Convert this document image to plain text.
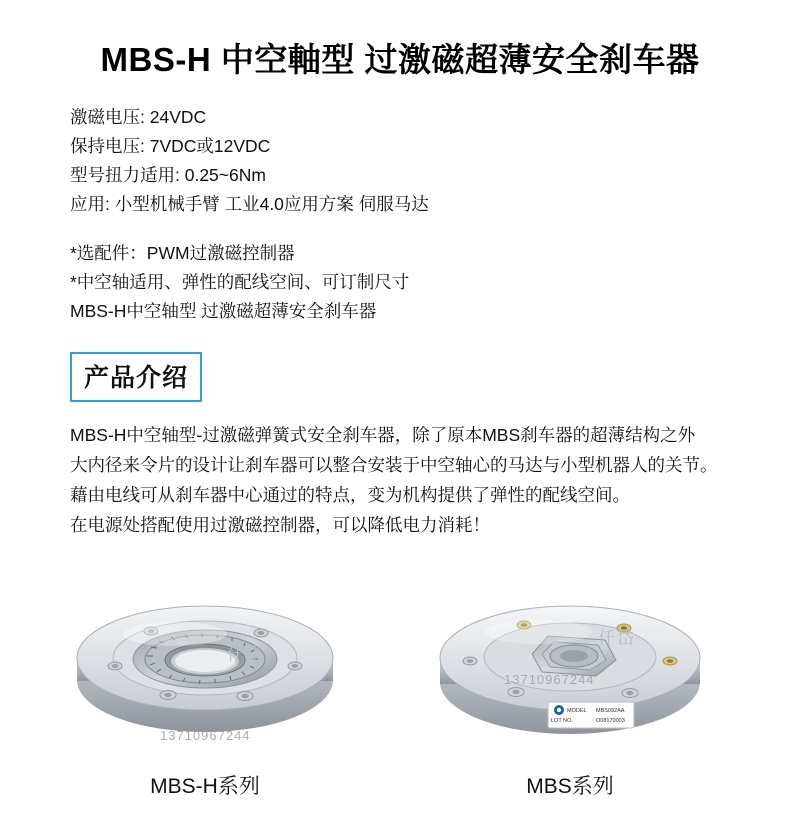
MBS-H 中空軸型 过激磁超薄安全刹车器
激磁电压: 24VDC
保持电压: 7VDC或12VDC
型号扭力适用: 0.25~6Nm
应用: 小型机械手臂 工业4.0应用方案 伺服马达
*选配件：PWM过激磁控制器
*中空轴适用、弹性的配线空间、可订制尺寸
MBS-H中空轴型 过激磁超薄安全刹车器
产品介绍
MBS-H中空轴型-过激磁弹簧式安全刹车器，除了原本MBS刹车器的超薄结构之外
大内径来令片的设计让刹车器可以整合安装于中空轴心的马达与小型机器人的关节。
藉由电线可从刹车器中心通过的特点，变为机构提供了弹性的配线空间。
在电源处搭配使用过激磁控制器，可以降低电力消耗！
仟岱
13710967244
MBS-H系列
MODEL
LOT NO.
MBS092AA
O08170003
仟岱
13710967244
MBS系列
